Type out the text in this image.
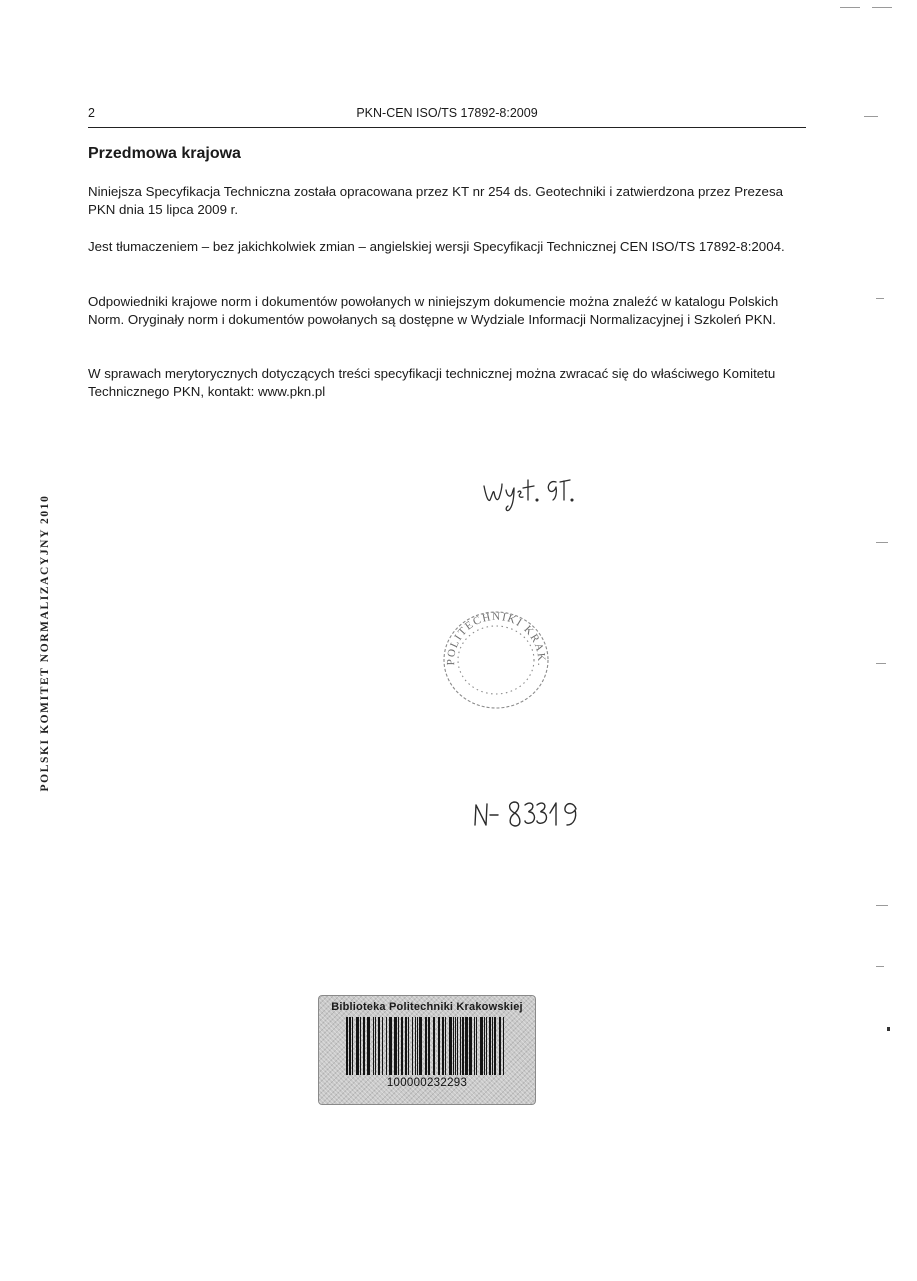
2	PKN-CEN ISO/TS 17892-8:2009
Przedmowa krajowa

Niniejsza Specyfikacja Techniczna została opracowana przez KT nr 254 ds. Geotechniki i zatwierdzona przez Prezesa PKN dnia 15 lipca 2009 r.

Jest tłumaczeniem – bez jakichkolwiek zmian – angielskiej wersji Specyfikacji Technicznej CEN ISO/TS 17892-8:2004.

Odpowiedniki krajowe norm i dokumentów powołanych w niniejszym dokumencie można znaleźć w katalogu Polskich Norm. Oryginały norm i dokumentów powołanych są dostępne w Wydziale Informacji Normalizacyjnej i Szkoleń PKN.

W sprawach merytorycznych dotyczących treści specyfikacji technicznej można zwracać się do właściwego Komitetu Technicznego PKN, kontakt: www.pkn.pl

POLSKI KOMITET NORMALIZACYJNY 2010	POLITECHNIKI KRAK.
Biblioteka Politechniki Krakowskiej
100000232293
